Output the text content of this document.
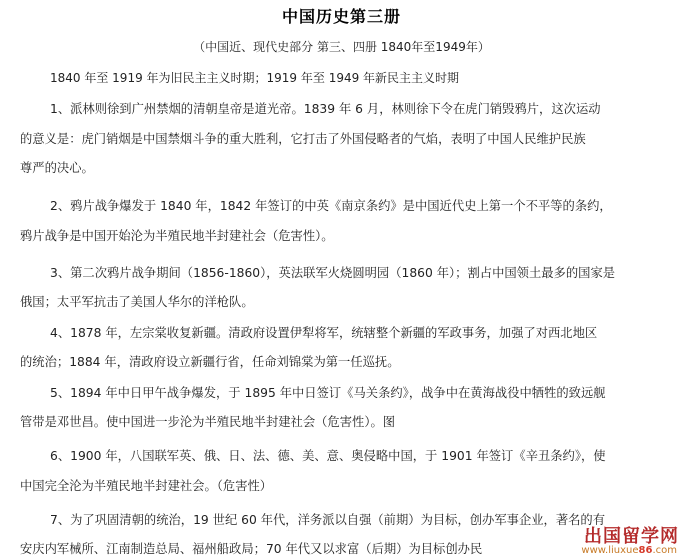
中国历史第三册
（中国近、现代史部分 第三、四册 1840年至1949年）
1840 年至 1919 年为旧民主主义时期；1919 年至 1949 年新民主主义时期
1、派林则徐到广州禁烟的清朝皇帝是道光帝。1839 年 6 月，林则徐下令在虎门销毁鸦片，这次运动
的意义是：虎门销烟是中国禁烟斗争的重大胜利，它打击了外国侵略者的气焰，表明了中国人民维护民族
尊严的决心。
2、鸦片战争爆发于 1840 年，1842 年签订的中英《南京条约》是中国近代史上第一个不平等的条约，
鸦片战争是中国开始沦为半殖民地半封建社会（危害性）。
3、第二次鸦片战争期间（1856-1860），英法联军火烧圆明园（1860 年）；割占中国领土最多的国家是
俄国；太平军抗击了美国人华尔的洋枪队。
4、1878 年，左宗棠收复新疆。清政府设置伊犁将军，统辖整个新疆的军政事务，加强了对西北地区
的统治；1884 年，清政府设立新疆行省，任命刘锦棠为第一任巡抚。
5、1894 年中日甲午战争爆发，于 1895 年中日签订《马关条约》，战争中在黄海战役中牺牲的致远舰
管带是邓世昌。使中国进一步沦为半殖民地半封建社会（危害性）。图
6、1900 年，八国联军英、俄、日、法、德、美、意、奥侵略中国，于 1901 年签订《辛丑条约》，使
中国完全沦为半殖民地半封建社会。（危害性）
7、为了巩固清朝的统治，19 世纪 60 年代，洋务派以自强（前期）为目标，创办军事企业，著名的有
安庆内军械所、江南制造总局、福州船政局；70 年代又以求富（后期）为目标创办民
出国留学网
www.liuxue86.com
